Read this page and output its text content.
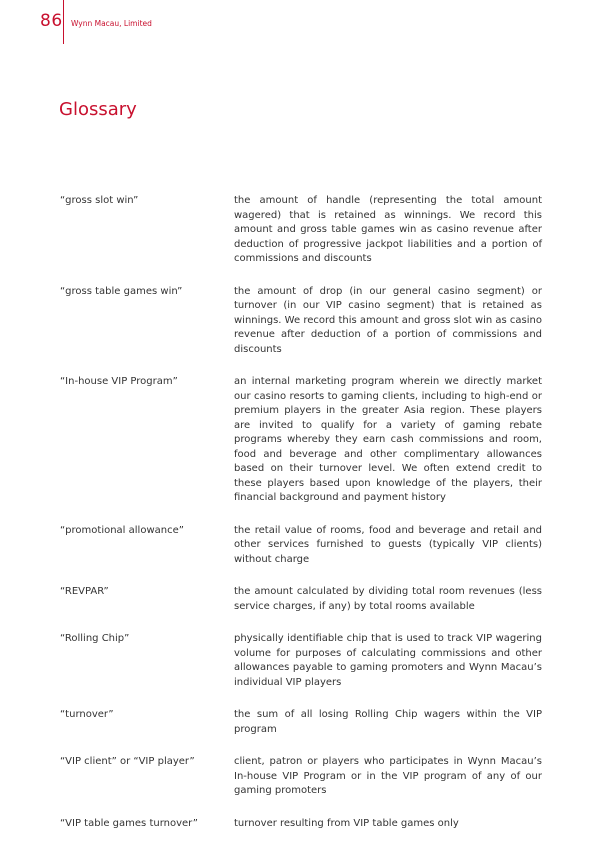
86 Wynn Macau, Limited
Glossary
“gross slot win”	the amount of handle (representing the total amount wagered) that is retained as winnings. We record this amount and gross table games win as casino revenue after deduction of progressive jackpot liabilities and a portion of commissions and discounts
“gross table games win”	the amount of drop (in our general casino segment) or turnover (in our VIP casino segment) that is retained as winnings. We record this amount and gross slot win as casino revenue after deduction of a portion of commissions and discounts
“In-house VIP Program”	an internal marketing program wherein we directly market our casino resorts to gaming clients, including to high-end or premium players in the greater Asia region. These players are invited to qualify for a variety of gaming rebate programs whereby they earn cash commissions and room, food and beverage and other complimentary allowances based on their turnover level. We often extend credit to these players based upon knowledge of the players, their financial background and payment history
“promotional allowance”	the retail value of rooms, food and beverage and retail and other services furnished to guests (typically VIP clients) without charge
“REVPAR”	the amount calculated by dividing total room revenues (less service charges, if any) by total rooms available
“Rolling Chip”	physically identifiable chip that is used to track VIP wagering volume for purposes of calculating commissions and other allowances payable to gaming promoters and Wynn Macau’s individual VIP players
“turnover”	the sum of all losing Rolling Chip wagers within the VIP program
“VIP client” or “VIP player”	client, patron or players who participates in Wynn Macau’s In-house VIP Program or in the VIP program of any of our gaming promoters
“VIP table games turnover”	turnover resulting from VIP table games only
